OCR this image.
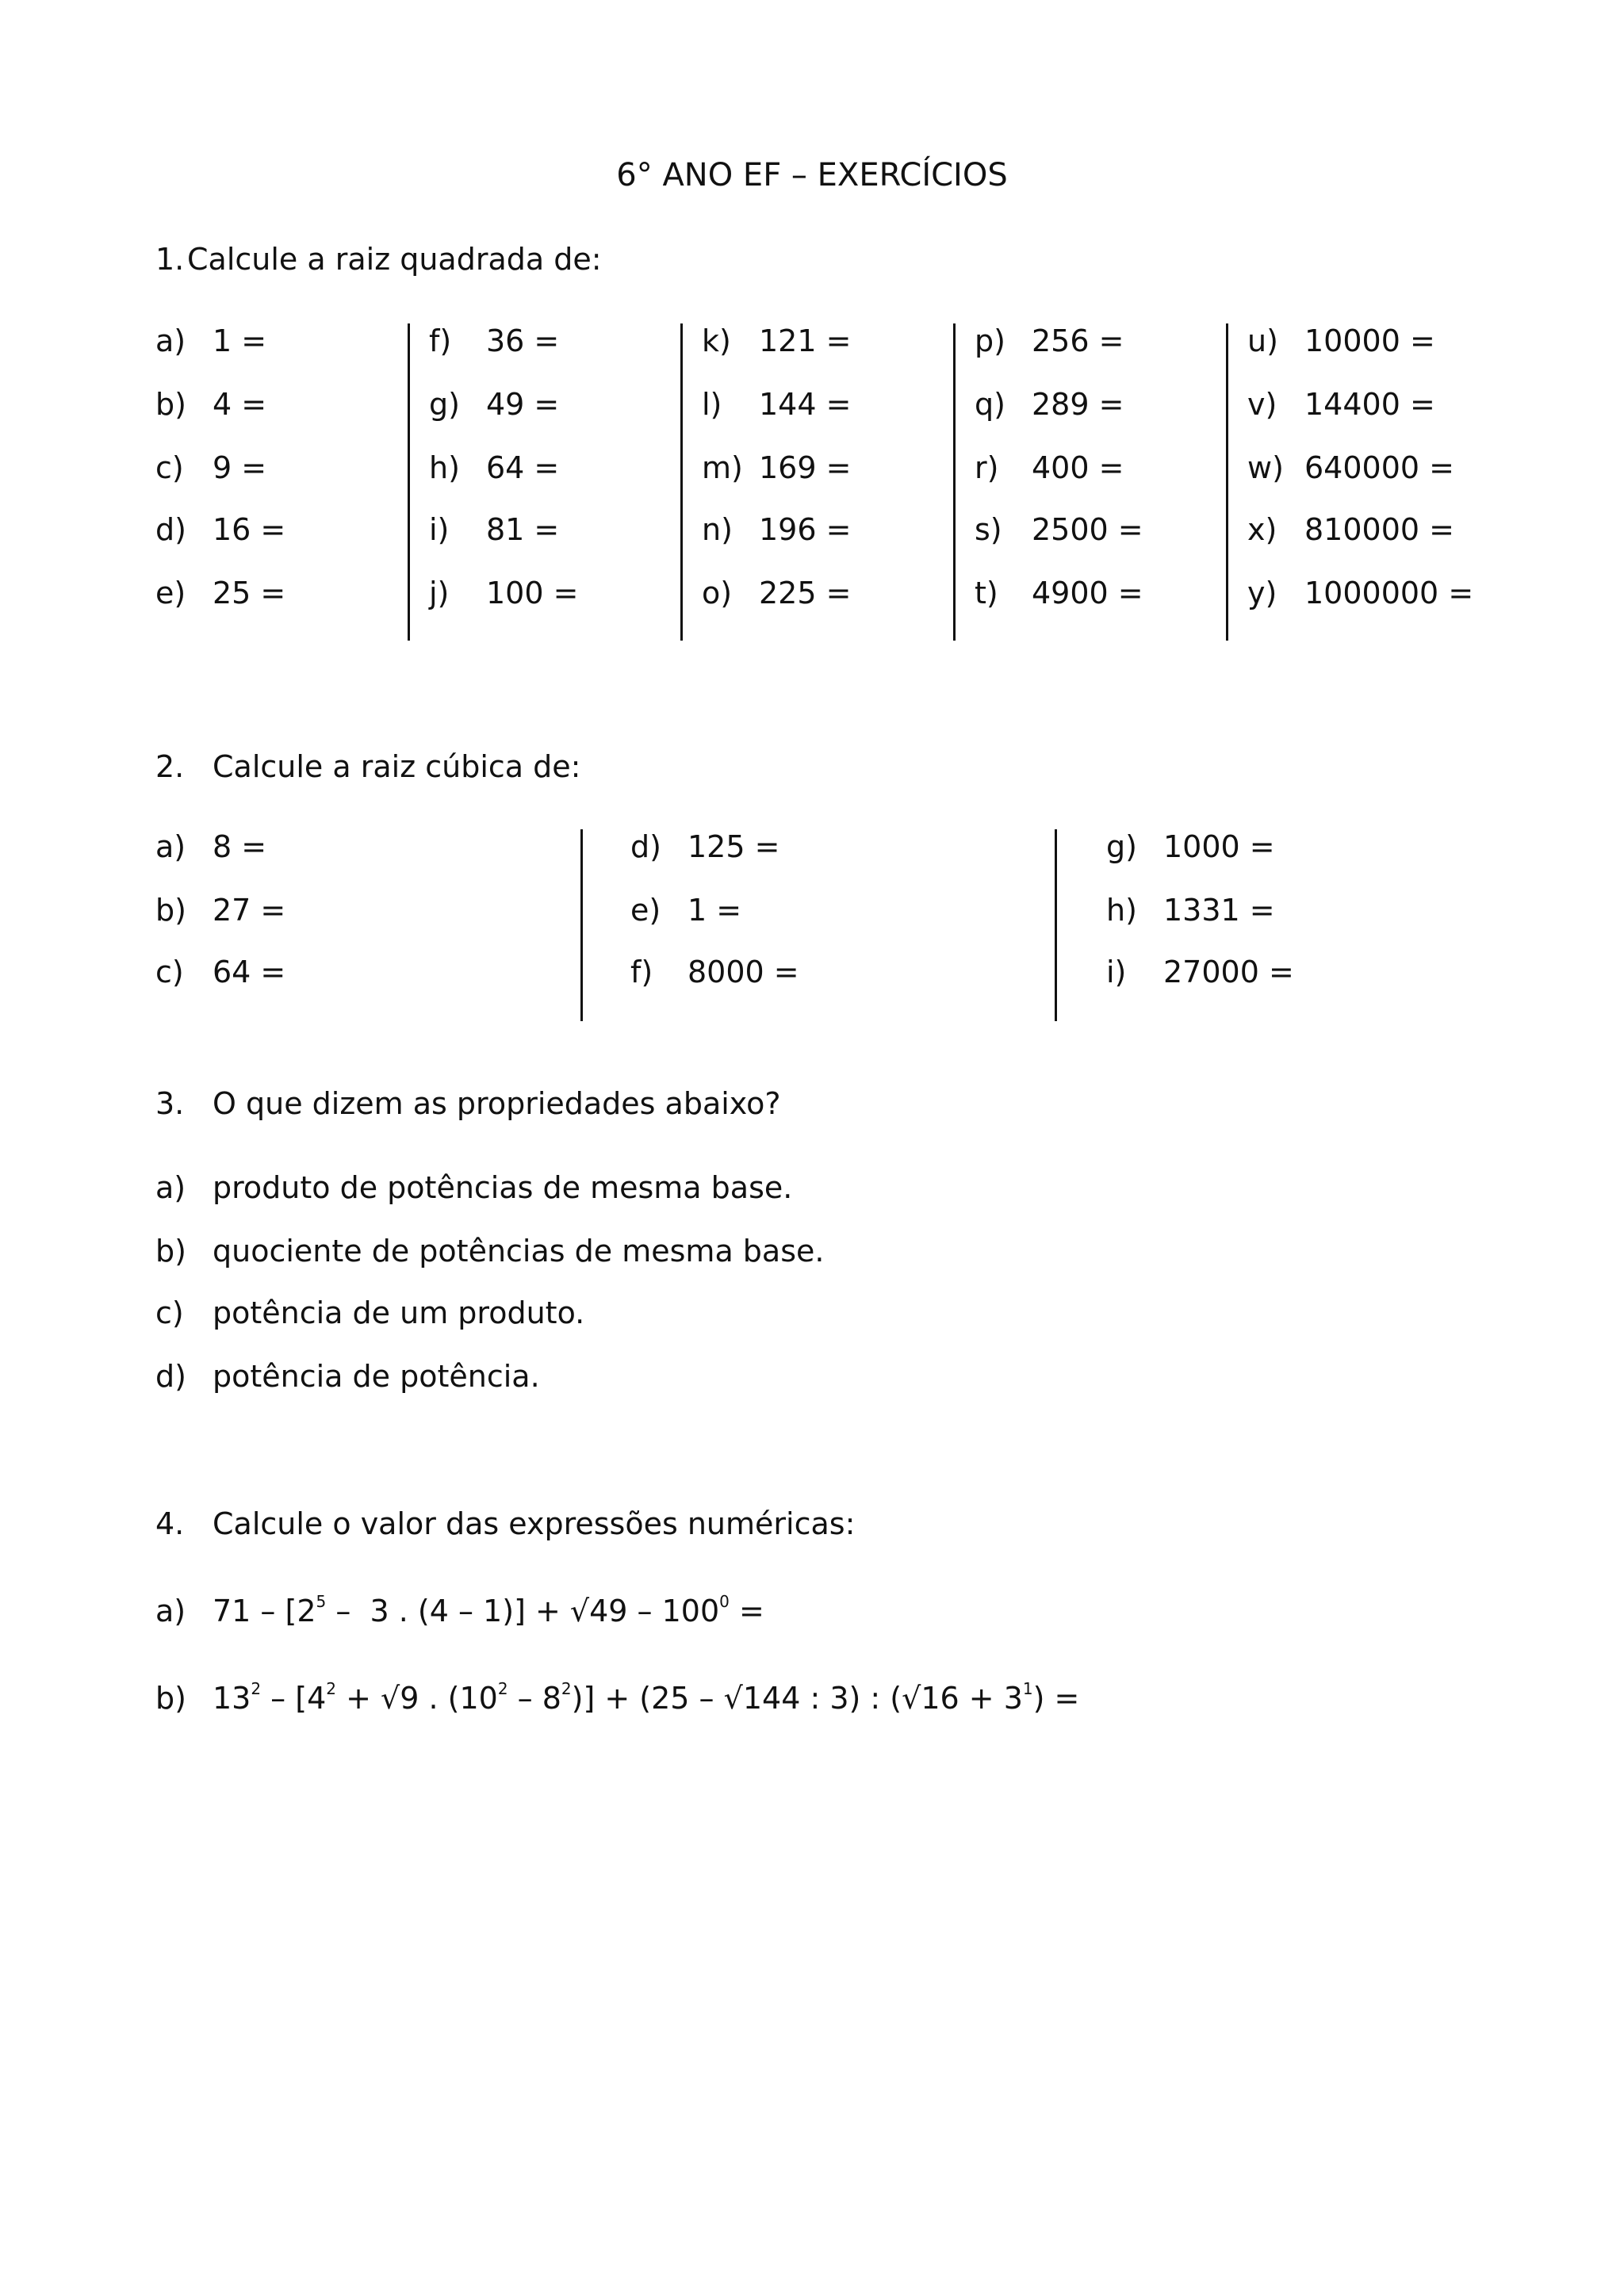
6° ANO EF – EXERCÍCIOS
1. Calcule a raiz quadrada de:
a) 1 =
b) 4 =
c) 9 =
d) 16 =
e) 25 =
f) 36 =
g) 49 =
h) 64 =
i) 81 =
j) 100 =
k) 121 =
l) 144 =
m) 169 =
n) 196 =
o) 225 =
p) 256 =
q) 289 =
r) 400 =
s) 2500 =
t) 4900 =
u) 10000 =
v) 14400 =
w) 640000 =
x) 810000 =
y) 1000000 =
2. Calcule a raiz cúbica de:
a) 8 =
b) 27 =
c) 64 =
d) 125 =
e) 1 =
f) 8000 =
g) 1000 =
h) 1331 =
i) 27000 =
3. O que dizem as propriedades abaixo?
a) produto de potências de mesma base.
b) quociente de potências de mesma base.
c) potência de um produto.
d) potência de potência.
4. Calcule o valor das expressões numéricas:
a) $71 - [2^5 - 3$ . $(4 - 1)] + √49 - 100^0$ =
b) $13^2 - [4^2 + √9$ . $(10^2 - 8^2)] + (25 - √144$ : 3) : $(√16 + 3^1)$ =
